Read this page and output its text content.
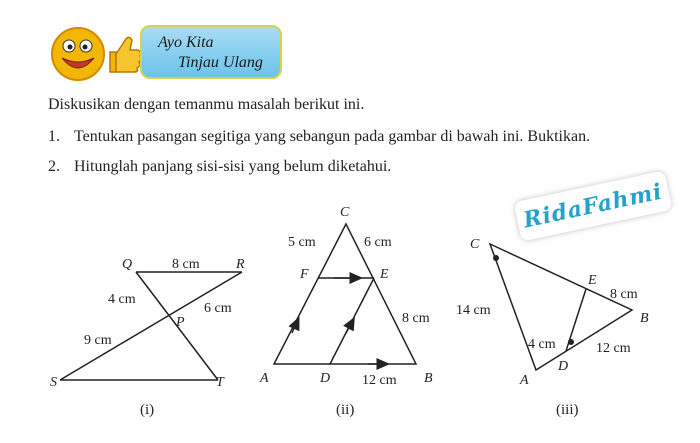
Ayo Kita
Tinjau Ulang
Diskusikan dengan temanmu masalah berikut ini.
1. Tentukan pasangan segitiga yang sebangun pada gambar di bawah ini. Buktikan.
2. Hitunglah panjang sisi-sisi yang belum diketahui.
RidaFahmi
Q	R
P
S	T
8 cm
4 cm
6 cm
9 cm
(i)
C
F	E
A	D	B
5 cm	6 cm
8 cm
12 cm
(ii)
C
E
B
D
A
8 cm
14 cm
4 cm	12 cm
(iii)
